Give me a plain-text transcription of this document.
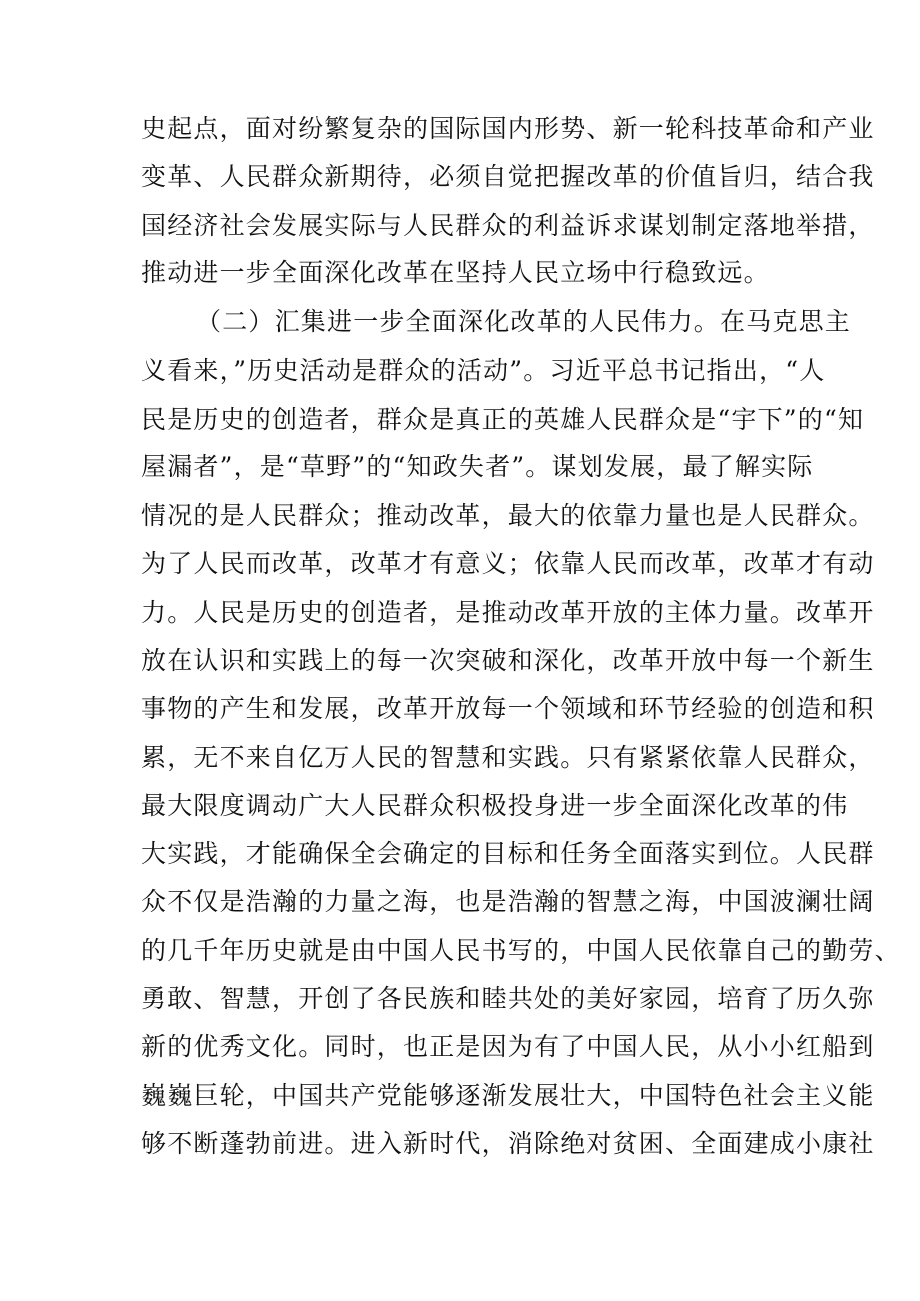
史起点，面对纷繁复杂的国际国内形势、新一轮科技革命和产业
变革、人民群众新期待，必须自觉把握改革的价值旨归，结合我
国经济社会发展实际与人民群众的利益诉求谋划制定落地举措，
推动进一步全面深化改革在坚持人民立场中行稳致远。
（二）汇集进一步全面深化改革的人民伟力。在马克思主
义看来，”历史活动是群众的活动”。习近平总书记指出，“人
民是历史的创造者，群众是真正的英雄人民群众是“宇下”的“知
屋漏者”，是“草野”的“知政失者”。谋划发展，最了解实际
情况的是人民群众；推动改革，最大的依靠力量也是人民群众。
为了人民而改革，改革才有意义；依靠人民而改革，改革才有动
力。人民是历史的创造者，是推动改革开放的主体力量。改革开
放在认识和实践上的每一次突破和深化，改革开放中每一个新生
事物的产生和发展，改革开放每一个领域和环节经验的创造和积
累，无不来自亿万人民的智慧和实践。只有紧紧依靠人民群众，
最大限度调动广大人民群众积极投身进一步全面深化改革的伟
大实践，才能确保全会确定的目标和任务全面落实到位。人民群
众不仅是浩瀚的力量之海，也是浩瀚的智慧之海，中国波澜壮阔
的几千年历史就是由中国人民书写的，中国人民依靠自己的勤劳、
勇敢、智慧，开创了各民族和睦共处的美好家园，培育了历久弥
新的优秀文化。同时，也正是因为有了中国人民，从小小红船到
巍巍巨轮，中国共产党能够逐渐发展壮大，中国特色社会主义能
够不断蓬勃前进。进入新时代，消除绝对贫困、全面建成小康社
